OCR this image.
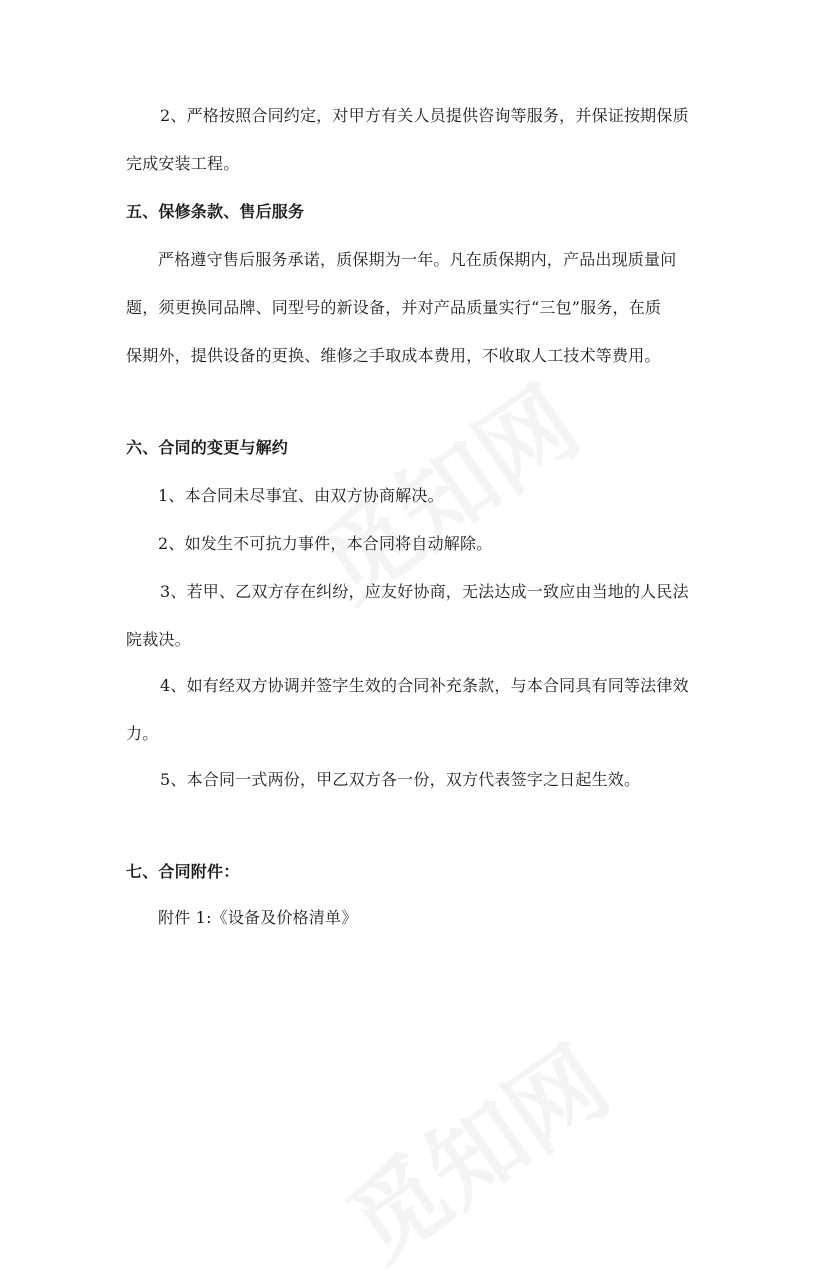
2、严格按照合同约定，对甲方有关人员提供咨询等服务，并保证按期保质
完成安装工程。
五、保修条款、售后服务
严格遵守售后服务承诺，质保期为一年。凡在质保期内，产品出现质量问
题，须更换同品牌、同型号的新设备，并对产品质量实行“三包”服务，在质
保期外，提供设备的更换、维修之手取成本费用，不收取人工技术等费用。
六、合同的变更与解约
1、本合同未尽事宜、由双方协商解决。
2、如发生不可抗力事件，本合同将自动解除。
3、若甲、乙双方存在纠纷，应友好协商，无法达成一致应由当地的人民法
院裁决。
4、如有经双方协调并签字生效的合同补充条款，与本合同具有同等法律效
力。
5、本合同一式两份，甲乙双方各一份，双方代表签字之日起生效。
七、合同附件：
附件 1:《设备及价格清单》
